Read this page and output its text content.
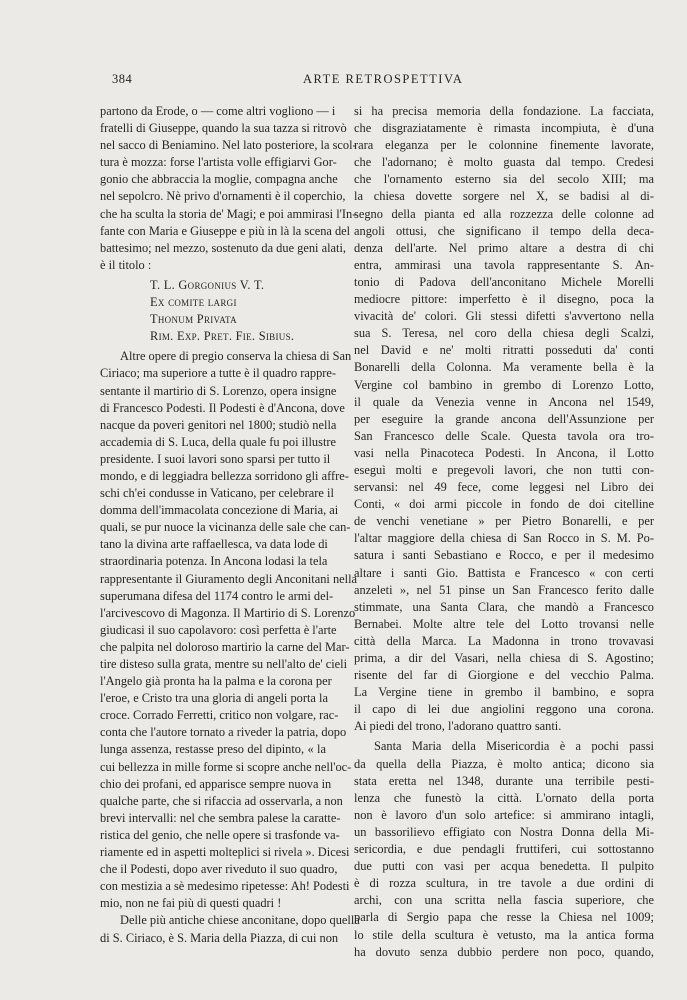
384	ARTE RETROSPETTIVA

partono da Erode, o — come altri vogliono — i
fratelli di Giuseppe, quando la sua tazza si ritrovò
nel sacco di Beniamino. Nel lato posteriore, la scol-
tura è mozza: forse l'artista volle effigiarvi Gor-
gonio che abbraccia la moglie, compagna anche
nel sepolcro. Nè privo d'ornamenti è il coperchio,
che ha sculta la storia de' Magi; e poi ammirasi l'In-
fante con Maria e Giuseppe e più in là la scena del
battesimo; nel mezzo, sostenuto da due geni alati,
è il titolo :

T. L. Gorgonius V. T.
Ex comite largi
Thonum Privata
Rim. Exp. Pret. Fie. Sibius.

Altre opere di pregio conserva la chiesa di San
Ciriaco; ma superiore a tutte è il quadro rappre-
sentante il martirio di S. Lorenzo, opera insigne
di Francesco Podesti. Il Podesti è d'Ancona, dove
nacque da poveri genitori nel 1800; studiò nella
accademia di S. Luca, della quale fu poi illustre
presidente. I suoi lavori sono sparsi per tutto il
mondo, e di leggiadra bellezza sorridono gli affre-
schi ch'ei condusse in Vaticano, per celebrare il
domma dell'immacolata concezione di Maria, ai
quali, se pur nuoce la vicinanza delle sale che can-
tano la divina arte raffaellesca, va data lode di
straordinaria potenza. In Ancona lodasi la tela
rappresentante il Giuramento degli Anconitani nella
superumana difesa del 1174 contro le armi del-
l'arcivescovo di Magonza. Il Martirio di S. Lorenzo
giudicasi il suo capolavoro: così perfetta è l'arte
che palpita nel doloroso martirio la carne del Mar-
tire disteso sulla grata, mentre su nell'alto de' cieli
l'Angelo già pronta ha la palma e la corona per
l'eroe, e Cristo tra una gloria di angeli porta la
croce. Corrado Ferretti, critico non volgare, rac-
conta che l'autore tornato a riveder la patria, dopo
lunga assenza, restasse preso del dipinto, « la
cui bellezza in mille forme si scopre anche nell'oc-
chio dei profani, ed apparisce sempre nuova in
qualche parte, che si rifaccia ad osservarla, a non
brevi intervalli: nel che sembra palese la caratte-
ristica del genio, che nelle opere si trasfonde va-
riamente ed in aspetti molteplici si rivela ». Dicesi
che il Podesti, dopo aver riveduto il suo quadro,
con mestizia a sè medesimo ripetesse: Ah! Podesti
mio, non ne fai più di questi quadri !
Delle più antiche chiese anconitane, dopo quella
di S. Ciriaco, è S. Maria della Piazza, di cui non

si ha precisa memoria della fondazione. La facciata,
che disgraziatamente è rimasta incompiuta, è d'una
rara eleganza per le colonnine finemente lavorate,
che l'adornano; è molto guasta dal tempo. Credesi
che l'ornamento esterno sia del secolo XIII; ma
la chiesa dovette sorgere nel X, se badisi al di-
segno della pianta ed alla rozzezza delle colonne ad
angoli ottusi, che significano il tempo della deca-
denza dell'arte. Nel primo altare a destra di chi
entra, ammirasi una tavola rappresentante S. An-
tonio di Padova dell'anconitano Michele Morelli
mediocre pittore: imperfetto è il disegno, poca la
vivacità de' colori. Gli stessi difetti s'avvertono nella
sua S. Teresa, nel coro della chiesa degli Scalzi,
nel David e ne' molti ritratti posseduti da' conti
Bonarelli della Colonna. Ma veramente bella è la
Vergine col bambino in grembo di Lorenzo Lotto,
il quale da Venezia venne in Ancona nel 1549,
per eseguire la grande ancona dell'Assunzione per
San Francesco delle Scale. Questa tavola ora tro-
vasi nella Pinacoteca Podesti. In Ancona, il Lotto
eseguì molti e pregevoli lavori, che non tutti con-
servansi: nel 49 fece, come leggesi nel Libro dei
Conti, « doi armi piccole in fondo de doi citelline
de venchi venetiane » per Pietro Bonarelli, e per
l'altar maggiore della chiesa di San Rocco in S. M. Po-
satura i santi Sebastiano e Rocco, e per il medesimo
altare i santi Gio. Battista e Francesco « con certi
anzeleti », nel 51 pinse un San Francesco ferito dalle
stimmate, una Santa Clara, che mandò a Francesco
Bernabei. Molte altre tele del Lotto trovansi nelle
città della Marca. La Madonna in trono trovavasi
prima, a dir del Vasari, nella chiesa di S. Agostino;
risente del far di Giorgione e del vecchio Palma.
La Vergine tiene in grembo il bambino, e sopra
il capo di lei due angiolini reggono una corona.
Ai piedi del trono, l'adorano quattro santi.

Santa Maria della Misericordia è a pochi passi
da quella della Piazza, è molto antica; dicono sia
stata eretta nel 1348, durante una terribile pesti-
lenza che funestò la città. L'ornato della porta
non è lavoro d'un solo artefice: si ammirano intagli,
un bassorilievo effigiato con Nostra Donna della Mi-
sericordia, e due pendagli fruttiferi, cui sottostanno
due putti con vasi per acqua benedetta. Il pulpito
è di rozza scultura, in tre tavole a due ordini di
archi, con una scritta nella fascia superiore, che
parla di Sergio papa che resse la Chiesa nel 1009;
lo stile della scultura è vetusto, ma la antica forma
ha dovuto senza dubbio perdere non poco, quando,
